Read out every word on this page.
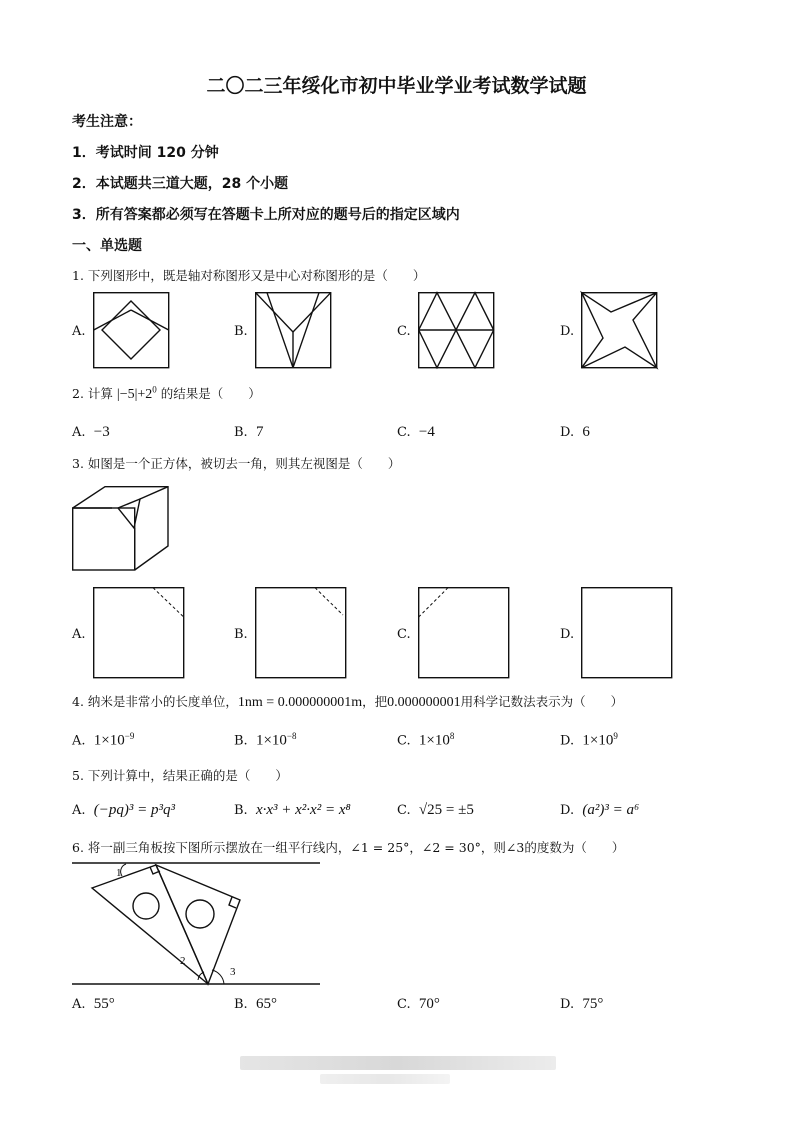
二〇二三年绥化市初中毕业学业考试数学试题
考生注意：
1．考试时间 120 分钟
2．本试题共三道大题，28 个小题
3．所有答案都必须写在答题卡上所对应的题号后的指定区域内
一、单选题
1. 下列图形中，既是轴对称图形又是中心对称图形的是（　　）
A.	B.	C.	D.
2. 计算 $|-5|+2^0$ 的结果是（　　）
A. −3	B. 7	C. −4	D. 6
3. 如图是一个正方体，被切去一角，则其左视图是（　　）
A.	B.	C.	D.
4. 纳米是非常小的长度单位，1nm = 0.000000001m，把0.000000001用科学记数法表示为（　　）
A. $1\times 10^{-9}$	B. $1\times 10^{-8}$	C. $1\times 10^8$	D. $1\times 10^9$
5. 下列计算中，结果正确的是（　　）
A. (−pq)³ = p³q³	B. x·x³ + x²·x² = x⁸	C. √25 = ±5	D. (a²)³ = a⁶
6. 将一副三角板按下图所示摆放在一组平行线内，∠1 = 25°，∠2 = 30°，则∠3的度数为（　　）
1
2
3
A. 55°	B. 65°	C. 70°	D. 75°
